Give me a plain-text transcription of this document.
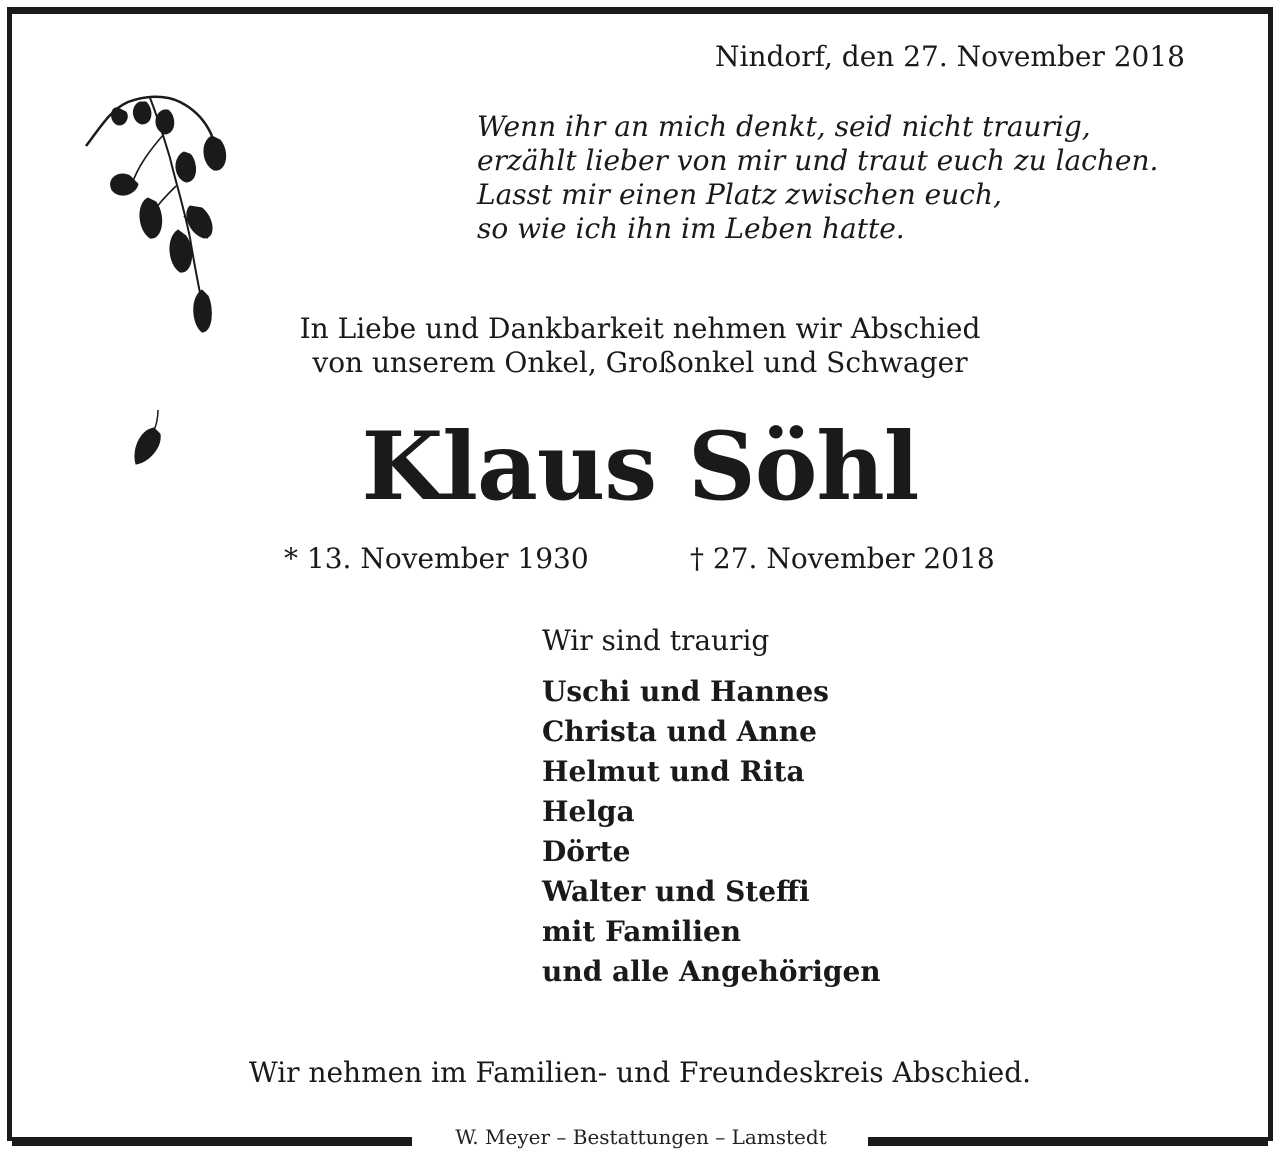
W. Meyer – Bestattungen – Lamstedt
Nindorf, den 27. November 2018
Wenn ihr an mich denkt, seid nicht traurig,
erzählt lieber von mir und traut euch zu lachen.
Lasst mir einen Platz zwischen euch,
so wie ich ihn im Leben hatte.
In Liebe und Dankbarkeit nehmen wir Abschied
von unserem Onkel, Großonkel und Schwager
Klaus Söhl
* 13. November 1930	† 27. November 2018
Wir sind traurig
Uschi und Hannes
Christa und Anne
Helmut und Rita
Helga
Dörte
Walter und Steffi
mit Familien
und alle Angehörigen
Wir nehmen im Familien- und Freundeskreis Abschied.
